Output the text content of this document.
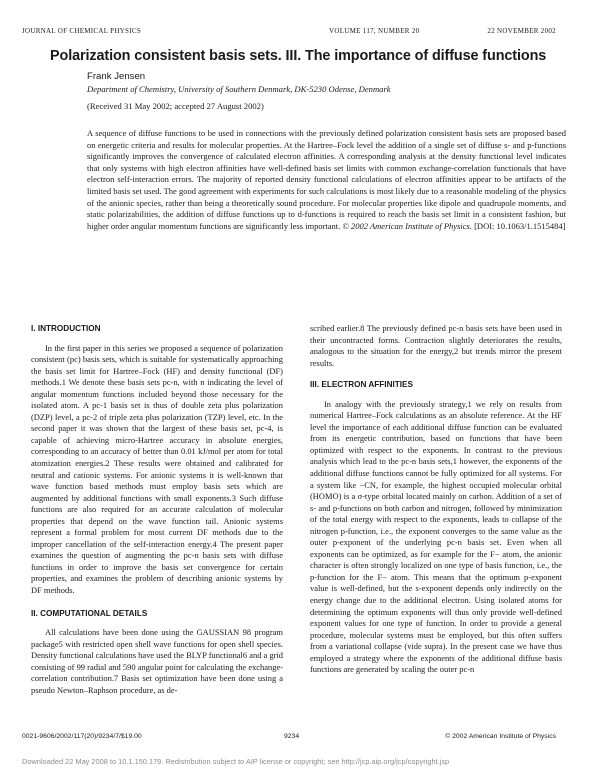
JOURNAL OF CHEMICAL PHYSICS	VOLUME 117, NUMBER 20	22 NOVEMBER 2002
Polarization consistent basis sets. III. The importance of diffuse functions
Frank Jensen
Department of Chemistry, University of Southern Denmark, DK-5230 Odense, Denmark
(Received 31 May 2002; accepted 27 August 2002)

A sequence of diffuse functions to be used in connections with the previously defined polarization consistent basis sets are proposed based on energetic criteria and results for molecular properties. At the Hartree–Fock level the addition of a single set of diffuse s- and p-functions significantly improves the convergence of calculated electron affinities. A corresponding analysis at the density functional level indicates that only systems with high electron affinities have well-defined basis set limits with common exchange-correlation functionals that have electron self-interaction errors. The majority of reported density functional calculations of electron affinities appear to be artifacts of the limited basis set used. The good agreement with experiments for such calculations is most likely due to a reasonable modeling of the physics of the anionic species, rather than being a theoretically sound procedure. For molecular properties like dipole and quadrupole moments, and static polarizabilities, the addition of diffuse functions up to d-functions is required to reach the basis set limit in a consistent fashion, but higher order angular momentum functions are significantly less important. © 2002 American Institute of Physics. [DOI: 10.1063/1.1515484]

I. INTRODUCTION

In the first paper in this series we proposed a sequence of polarization consistent (pc) basis sets, which is suitable for systematically approaching the basis set limit for Hartree–Fock (HF) and density functional (DF) methods.1 We denote these basis sets pc-n, with n indicating the level of angular momentum functions included beyond those necessary for the isolated atom. A pc-1 basis set is thus of double zeta plus polarization (DZP) level, a pc-2 of triple zeta plus polarization (TZP) level, etc. In the second paper it was shown that the largest of these basis set, pc-4, is capable of achieving micro-Hartree accuracy in absolute energies, corresponding to an accuracy of better than 0.01 kJ/mol per atom for total atomization energies.2 These results were obtained and calibrated for neutral and cationic systems. For anionic systems it is well-known that wave function based methods must employ basis sets which are augmented by additional functions with small exponents.3 Such diffuse functions are also required for an accurate calculation of molecular properties that depend on the wave function tail. Anionic systems represent a formal problem for most current DF methods due to the improper cancellation of the self-interaction energy.4 The present paper examines the question of augmenting the pc-n basis sets with diffuse functions in order to improve the basis set convergence for certain properties, and examines the problem of describing anionic systems by DF methods.

II. COMPUTATIONAL DETAILS

All calculations have been done using the GAUSSIAN 98 program package5 with restricted open shell wave functions for open shell species. Density functional calculations have used the BLYP functional6 and a grid consisting of 99 radial and 590 angular point for calculating the exchange-correlation contribution.7 Basis set optimization have been done using a pseudo Newton–Raphson procedure, as de-

scribed earlier.8 The previously defined pc-n basis sets have been used in their uncontracted forms. Contraction slightly deteriorates the results, analogous to the situation for the energy,2 but trends mirror the present results.

III. ELECTRON AFFINITIES

In analogy with the previously strategy,1 we rely on results from numerical Hartree–Fock calculations as an absolute reference. At the HF level the importance of each additional diffuse function can be evaluated from its energetic contribution, based on functions that have been optimized with respect to the exponents. In contrast to the previous analysis which lead to the pc-n basis sets,1 however, the exponents of the additional diffuse functions cannot be fully optimized for all systems. For a system like −CN, for example, the highest occupied molecular orbital (HOMO) is a σ-type orbital located mainly on carbon. Addition of a set of s- and p-functions on both carbon and nitrogen, followed by minimization of the total energy with respect to the exponents, leads to collapse of the nitrogen p-function, i.e., the exponent converges to the same value as the outer p-exponent of the underlying pc-n basis set. Even when all exponents can be optimized, as for example for the F− atom, the anionic character is often strongly localized on one type of basis function, i.e., the p-function for the F− atom. This means that the optimum p-exponent value is well-defined, but the s-exponent depends only indirectly on the energy change due to the additional electron. Using isolated atoms for determining the optimum exponents will thus only provide well-defined exponent values for one type of function. In order to provide a general procedure, molecular systems must be employed, but this often suffers from a variational collapse (vide supra). In the present case we have thus employed a strategy where the exponents of the additional diffuse basis functions are generated by scaling the outer pc-n

0021-9606/2002/117(20)/9234/7/$19.00	9234	© 2002 American Institute of Physics
Downloaded 22 May 2008 to 10.1.150.179. Redistribution subject to AIP license or copyright; see http://jcp.aip.org/jcp/copyright.jsp
